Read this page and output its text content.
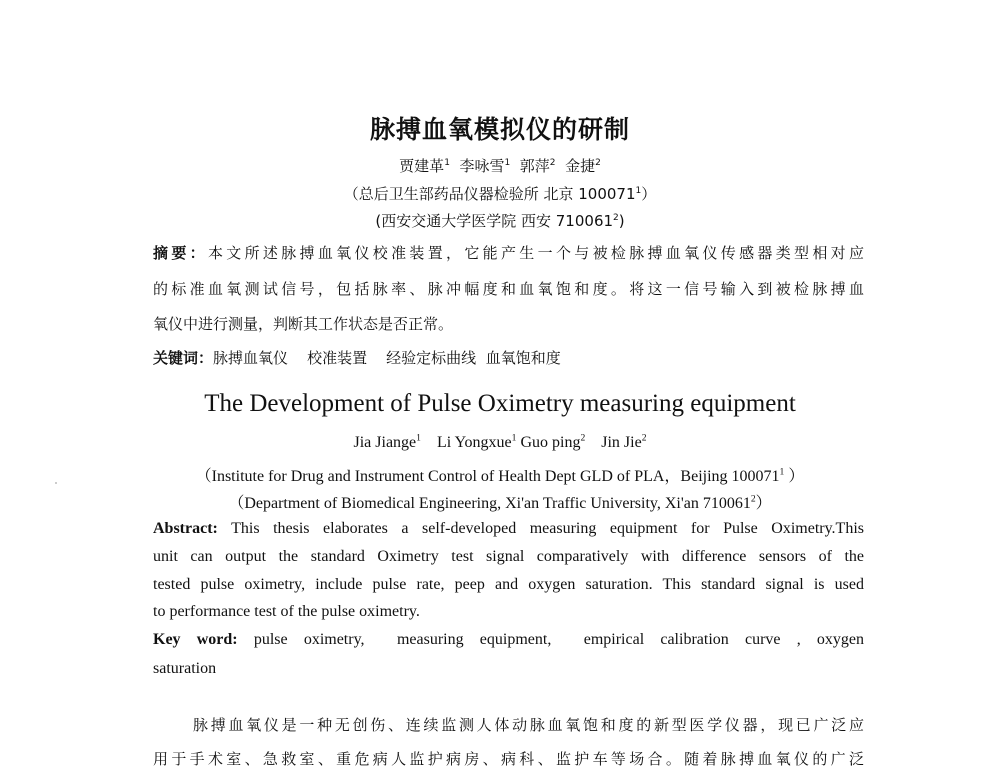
脉搏血氧模拟仪的研制
贾建革$^1$ 李咏雪$^1$ 郭萍$^2$ 金捷$^2$
（总后卫生部药品仪器检验所 北京 100071$^1$）
(西安交通大学医学院 西安 710061$^2$)
摘要：本文所述脉搏血氧仪校准装置，它能产生一个与被检脉搏血氧仪传感器类型相对应
的标准血氧测试信号，包括脉率、脉冲幅度和血氧饱和度。将这一信号输入到被检脉搏血
氧仪中进行测量，判断其工作状态是否正常。
关键词：脉搏血氧仪    校准装置    经验定标曲线  血氧饱和度
The Development of Pulse Oximetry measuring equipment
Jia Jiange$^1$ Li Yongxue$^1$ Guo ping$^2$ Jin Jie$^2$
（Institute for Drug and Instrument Control of Health Dept GLD of PLA，Beijing 100071$^1$ ）
（Department of Biomedical Engineering, Xi'an Traffic University, Xi'an 710061$^2$）
Abstract: This thesis elaborates a self-developed measuring equipment for Pulse Oximetry.This
unit can output the standard Oximetry test signal comparatively with difference sensors of the
tested pulse oximetry, include pulse rate, peep and oxygen saturation. This standard signal is used
to performance test of the pulse oximetry.
Key word: pulse oximetry,  measuring equipment,  empirical calibration curve , oxygen
saturation
脉搏血氧仪是一种无创伤、连续监测人体动脉血氧饱和度的新型医学仪器，现已广泛应
用于手术室、急救室、重危病人监护病房、病科、监护车等场合。随着脉搏血氧仪的广泛
